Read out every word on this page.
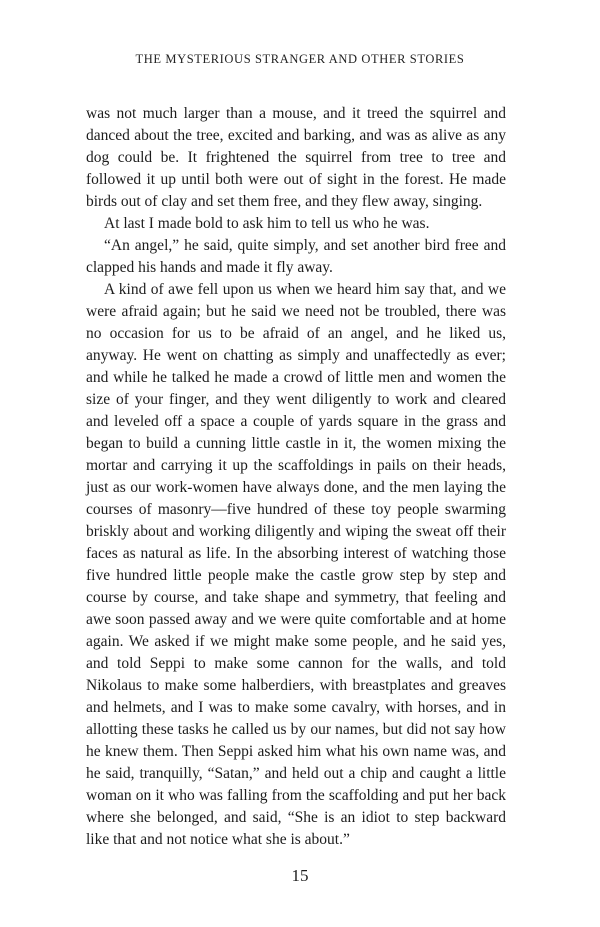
THE MYSTERIOUS STRANGER AND OTHER STORIES

was not much larger than a mouse, and it treed the squirrel and danced about the tree, excited and barking, and was as alive as any dog could be. It frightened the squirrel from tree to tree and followed it up until both were out of sight in the forest. He made birds out of clay and set them free, and they flew away, singing.

At last I made bold to ask him to tell us who he was.

“An angel,” he said, quite simply, and set another bird free and clapped his hands and made it fly away.

A kind of awe fell upon us when we heard him say that, and we were afraid again; but he said we need not be troubled, there was no occasion for us to be afraid of an angel, and he liked us, anyway. He went on chatting as simply and unaffectedly as ever; and while he talked he made a crowd of little men and women the size of your finger, and they went diligently to work and cleared and leveled off a space a couple of yards square in the grass and began to build a cunning little castle in it, the women mixing the mortar and carrying it up the scaffoldings in pails on their heads, just as our work-women have always done, and the men laying the courses of masonry—five hundred of these toy people swarming briskly about and working diligently and wiping the sweat off their faces as natural as life. In the absorbing interest of watching those five hundred little people make the castle grow step by step and course by course, and take shape and symmetry, that feeling and awe soon passed away and we were quite comfortable and at home again. We asked if we might make some people, and he said yes, and told Seppi to make some cannon for the walls, and told Nikolaus to make some halberdiers, with breastplates and greaves and helmets, and I was to make some cavalry, with horses, and in allotting these tasks he called us by our names, but did not say how he knew them. Then Seppi asked him what his own name was, and he said, tranquilly, “Satan,” and held out a chip and caught a little woman on it who was falling from the scaffolding and put her back where she belonged, and said, “She is an idiot to step backward like that and not notice what she is about.”

15
